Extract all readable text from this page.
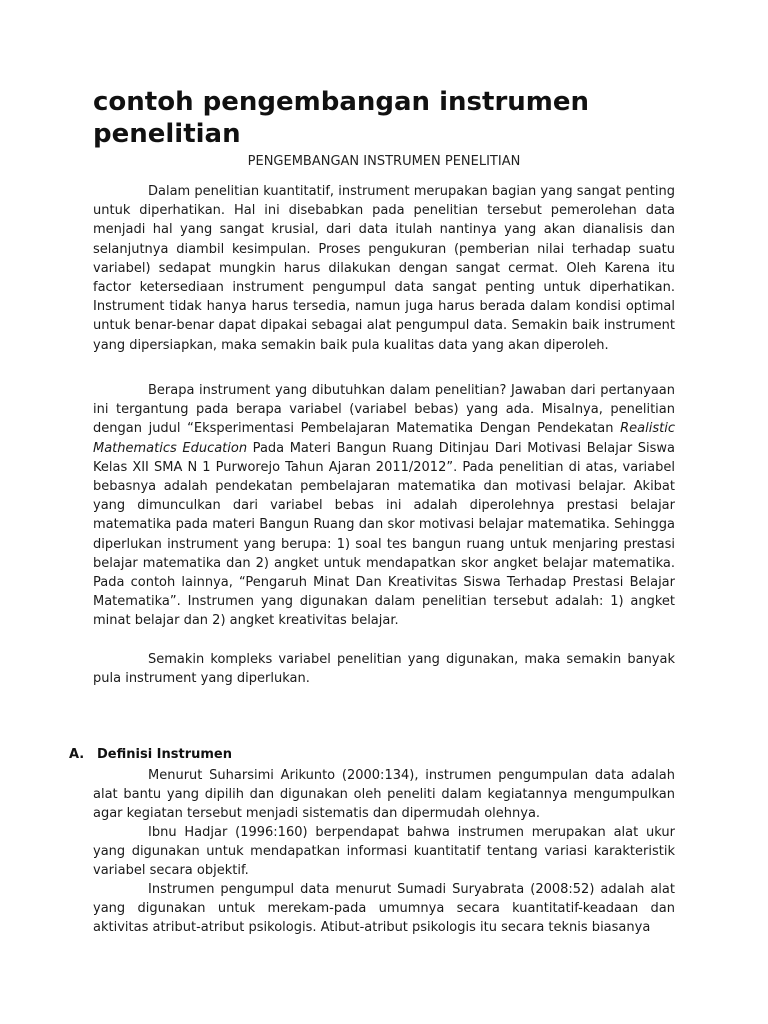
contoh pengembangan instrumen penelitian

PENGEMBANGAN INSTRUMEN PENELITIAN

Dalam penelitian kuantitatif, instrument merupakan bagian yang sangat penting untuk diperhatikan. Hal ini disebabkan pada penelitian tersebut pemerolehan data menjadi hal yang sangat krusial, dari data itulah nantinya yang akan dianalisis dan selanjutnya diambil kesimpulan. Proses pengukuran (pemberian nilai terhadap suatu variabel) sedapat mungkin harus dilakukan dengan sangat cermat. Oleh Karena itu factor ketersediaan instrument pengumpul data sangat penting untuk diperhatikan. Instrument tidak hanya harus tersedia, namun juga harus berada dalam kondisi optimal untuk benar-benar dapat dipakai sebagai alat pengumpul data. Semakin baik instrument yang dipersiapkan, maka semakin baik pula kualitas data yang akan diperoleh.

Berapa instrument yang dibutuhkan dalam penelitian? Jawaban dari pertanyaan ini tergantung pada berapa variabel (variabel bebas) yang ada. Misalnya, penelitian dengan judul “Eksperimentasi Pembelajaran Matematika Dengan Pendekatan Realistic Mathematics Education Pada Materi Bangun Ruang Ditinjau Dari Motivasi Belajar Siswa Kelas XII SMA N 1 Purworejo Tahun Ajaran 2011/2012”. Pada penelitian di atas, variabel bebasnya adalah pendekatan pembelajaran matematika dan motivasi belajar. Akibat yang dimunculkan dari variabel bebas ini adalah diperolehnya prestasi belajar matematika pada materi Bangun Ruang dan skor motivasi belajar matematika. Sehingga diperlukan instrument yang berupa: 1) soal tes bangun ruang untuk menjaring prestasi belajar matematika dan 2) angket untuk mendapatkan skor angket belajar matematika. Pada contoh lainnya, “Pengaruh Minat Dan Kreativitas Siswa Terhadap Prestasi Belajar Matematika”. Instrumen yang digunakan dalam penelitian tersebut adalah: 1) angket minat belajar dan 2) angket kreativitas belajar.

Semakin kompleks variabel penelitian yang digunakan, maka semakin banyak pula instrument yang diperlukan.

A. Definisi Instrumen

Menurut Suharsimi Arikunto (2000:134), instrumen pengumpulan data adalah alat bantu yang dipilih dan digunakan oleh peneliti dalam kegiatannya mengumpulkan agar kegiatan tersebut menjadi sistematis dan dipermudah olehnya.

Ibnu Hadjar (1996:160) berpendapat bahwa instrumen merupakan alat ukur yang digunakan untuk mendapatkan informasi kuantitatif tentang variasi karakteristik variabel secara objektif.

Instrumen pengumpul data menurut Sumadi Suryabrata (2008:52) adalah alat yang digunakan untuk merekam-pada umumnya secara kuantitatif-keadaan dan aktivitas atribut-atribut psikologis. Atibut-atribut psikologis itu secara teknis biasanya
